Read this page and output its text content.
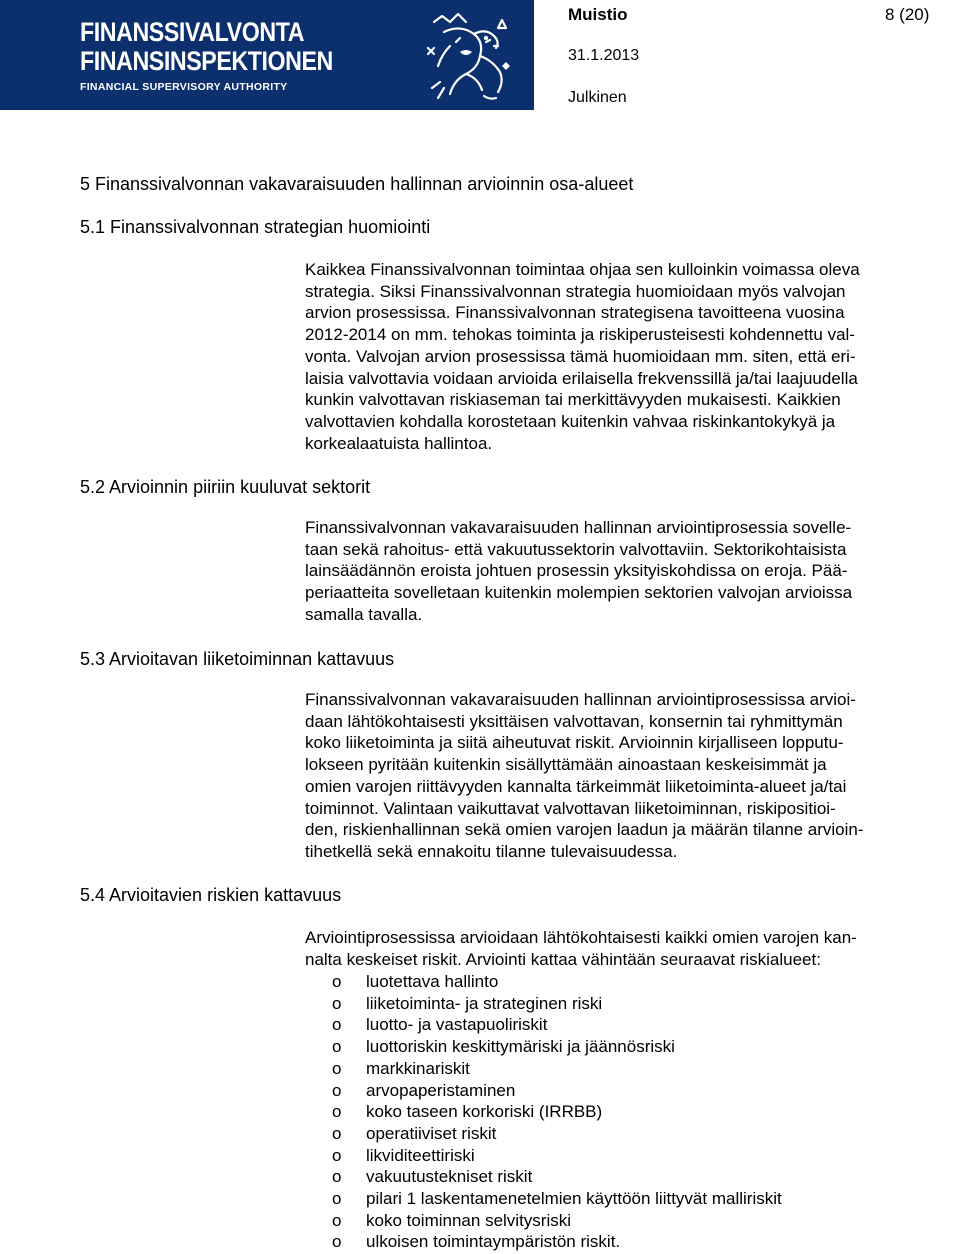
FINANSSIVALVONTA
FINANSINSPEKTIONEN
FINANCIAL SUPERVISORY AUTHORITY
Muistio	8 (20)
31.1.2013
Julkinen
5 Finanssivalvonnan vakavaraisuuden hallinnan arvioinnin osa-alueet
5.1 Finanssivalvonnan strategian huomiointi
5.2 Arvioinnin piiriin kuuluvat sektorit
5.3 Arvioitavan liiketoiminnan kattavuus
5.4 Arvioitavien riskien kattavuus
Kaikkea Finanssivalvonnan toimintaa ohjaa sen kulloinkin voimassa oleva
strategia. Siksi Finanssivalvonnan strategia huomioidaan myös valvojan
arvion prosessissa. Finanssivalvonnan strategisena tavoitteena vuosina
2012-2014 on mm. tehokas toiminta ja riskiperusteisesti kohdennettu val-
vonta. Valvojan arvion prosessissa tämä huomioidaan mm. siten, että eri-
laisia valvottavia voidaan arvioida erilaisella frekvenssillä ja/tai laajuudella
kunkin valvottavan riskiaseman tai merkittävyyden mukaisesti. Kaikkien
valvottavien kohdalla korostetaan kuitenkin vahvaa riskinkantokykyä ja
korkealaatuista hallintoa.
Finanssivalvonnan vakavaraisuuden hallinnan arviointiprosessia sovelle-
taan sekä rahoitus- että vakuutussektorin valvottaviin. Sektorikohtaisista
lainsäädännön eroista johtuen prosessin yksityiskohdissa on eroja. Pää-
periaatteita sovelletaan kuitenkin molempien sektorien valvojan arvioissa
samalla tavalla.
Finanssivalvonnan vakavaraisuuden hallinnan arviointiprosessissa arvioi-
daan lähtökohtaisesti yksittäisen valvottavan, konsernin tai ryhmittymän
koko liiketoiminta ja siitä aiheutuvat riskit. Arvioinnin kirjalliseen lopputu-
lokseen pyritään kuitenkin sisällyttämään ainoastaan keskeisimmät ja
omien varojen riittävyyden kannalta tärkeimmät liiketoiminta-alueet ja/tai
toiminnot. Valintaan vaikuttavat valvottavan liiketoiminnan, riskipositioi-
den, riskienhallinnan sekä omien varojen laadun ja määrän tilanne arvioin-
tihetkellä sekä ennakoitu tilanne tulevaisuudessa.
Arviointiprosessissa arvioidaan lähtökohtaisesti kaikki omien varojen kan-
nalta keskeiset riskit. Arviointi kattaa vähintään seuraavat riskialueet:
o luotettava hallinto
o liiketoiminta- ja strateginen riski
o luotto- ja vastapuoliriskit
o luottoriskin keskittymäriski ja jäännösriski
o markkinariskit
o arvopaperistaminen
o koko taseen korkoriski (IRRBB)
o operatiiviset riskit
o likviditeettiriski
o vakuutustekniset riskit
o pilari 1 laskentamenetelmien käyttöön liittyvät malliriskit
o koko toiminnan selvitysriski
o ulkoisen toimintaympäristön riskit.
